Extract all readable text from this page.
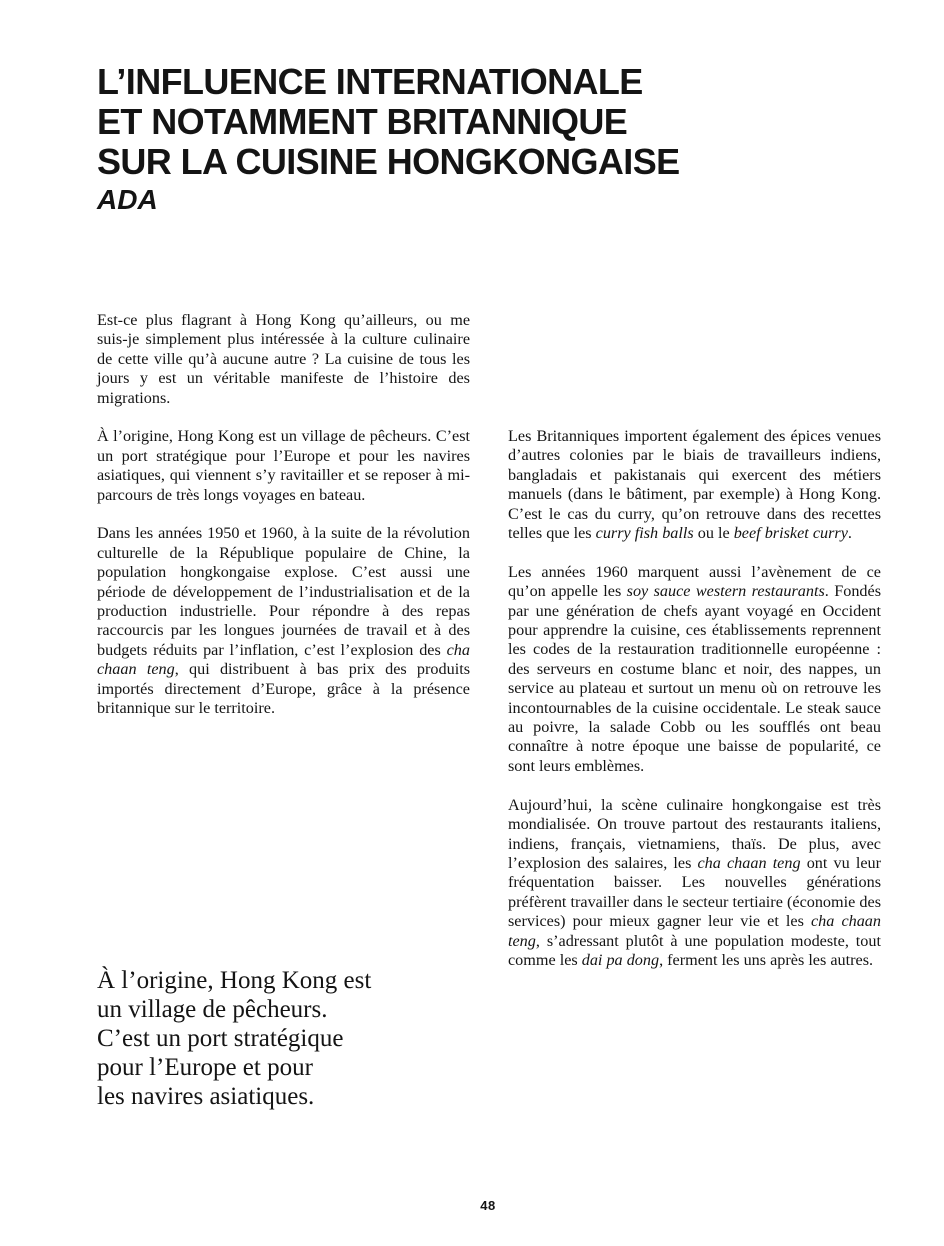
L’INFLUENCE INTERNATIONALE
ET NOTAMMENT BRITANNIQUE
SUR LA CUISINE HONGKONGAISE
ADA

Est-ce plus flagrant à Hong Kong qu’ailleurs, ou me suis-je simplement plus intéressée à la culture culinaire de cette ville qu’à aucune autre ? La cuisine de tous les jours y est un véritable manifeste de l’histoire des migrations.

À l’origine, Hong Kong est un village de pêcheurs. C’est un port stratégique pour l’Europe et pour les navires asiatiques, qui viennent s’y ravitailler et se reposer à mi-parcours de très longs voyages en bateau.

Dans les années 1950 et 1960, à la suite de la révolution culturelle de la République populaire de Chine, la population hongkongaise explose. C’est aussi une période de développement de l’industrialisation et de la production industrielle. Pour répondre à des repas raccourcis par les longues journées de travail et à des budgets réduits par l’inflation, c’est l’explosion des cha chaan teng, qui distribuent à bas prix des produits importés directement d’Europe, grâce à la présence britannique sur le territoire.

Les Britanniques importent également des épices venues d’autres colonies par le biais de travailleurs indiens, bangladais et pakistanais qui exercent des métiers manuels (dans le bâtiment, par exemple) à Hong Kong. C’est le cas du curry, qu’on retrouve dans des recettes telles que les curry fish balls ou le beef brisket curry.

Les années 1960 marquent aussi l’avènement de ce qu’on appelle les soy sauce western restaurants. Fondés par une génération de chefs ayant voyagé en Occident pour apprendre la cuisine, ces établissements reprennent les codes de la restauration traditionnelle européenne : des serveurs en costume blanc et noir, des nappes, un service au plateau et surtout un menu où on retrouve les incontournables de la cuisine occidentale. Le steak sauce au poivre, la salade Cobb ou les soufflés ont beau connaître à notre époque une baisse de popularité, ce sont leurs emblèmes.

Aujourd’hui, la scène culinaire hongkongaise est très mondialisée. On trouve partout des restaurants italiens, indiens, français, vietnamiens, thaïs. De plus, avec l’explosion des salaires, les cha chaan teng ont vu leur fréquentation baisser. Les nouvelles générations préfèrent travailler dans le secteur tertiaire (économie des services) pour mieux gagner leur vie et les cha chaan teng, s’adressant plutôt à une population modeste, tout comme les dai pa dong, ferment les uns après les autres.

À l’origine, Hong Kong est
un village de pêcheurs.
C’est un port stratégique
pour l’Europe et pour
les navires asiatiques.
48
